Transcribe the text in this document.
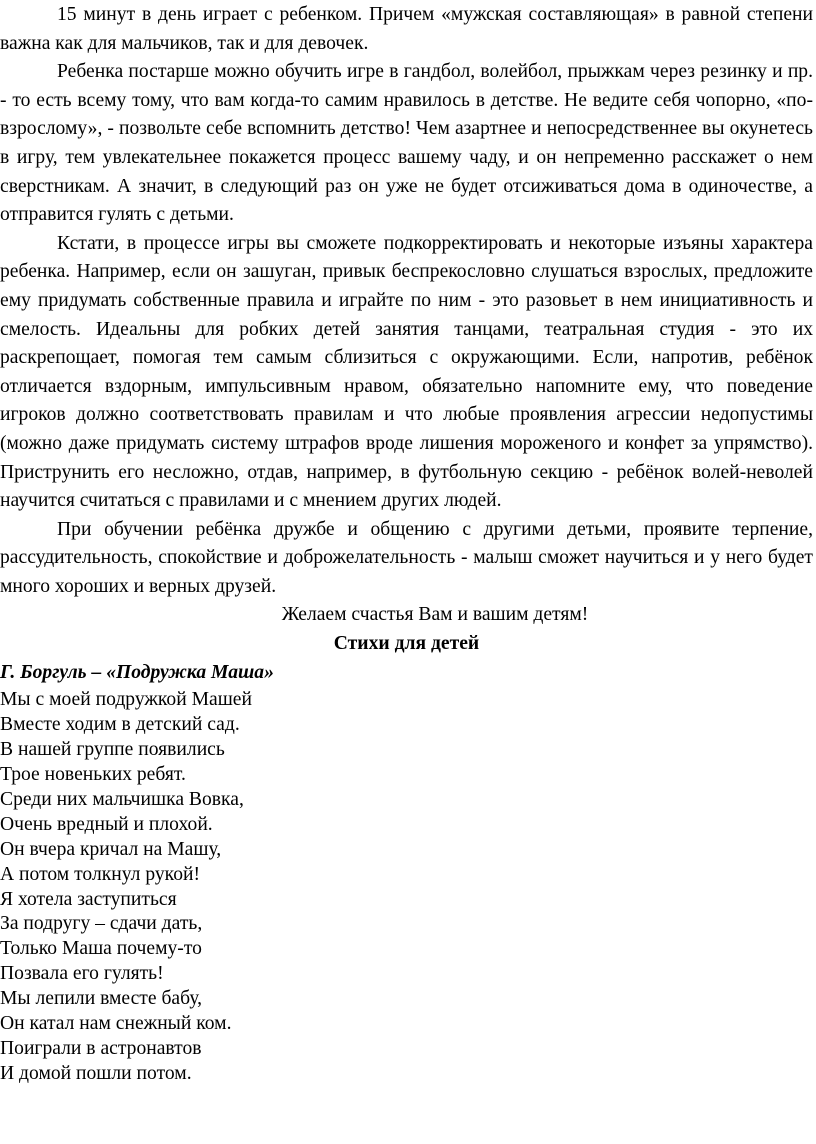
15 минут в день играет с ребенком. Причем «мужская составляющая» в равной степени важна как для мальчиков, так и для девочек.

Ребенка постарше можно обучить игре в гандбол, волейбол, прыжкам через резинку и пр. - то есть всему тому, что вам когда-то самим нравилось в детстве. Не ведите себя чопорно, «по-взрослому», - позвольте себе вспомнить детство! Чем азартнее и непосредственнее вы окунетесь в игру, тем увлекательнее покажется процесс вашему чаду, и он непременно расскажет о нем сверстникам. А значит, в следующий раз он уже не будет отсиживаться дома в одиночестве, а отправится гулять с детьми.

Кстати, в процессе игры вы сможете подкорректировать и некоторые изъяны характера ребенка. Например, если он зашуган, привык беспрекословно слушаться взрослых, предложите ему придумать собственные правила и играйте по ним - это разовьет в нем инициативность и смелость. Идеальны для робких детей занятия танцами, театральная студия - это их раскрепощает, помогая тем самым сблизиться с окружающими. Если, напротив, ребёнок отличается вздорным, импульсивным нравом, обязательно напомните ему, что поведение игроков должно соответствовать правилам и что любые проявления агрессии недопустимы (можно даже придумать систему штрафов вроде лишения мороженого и конфет за упрямство). Приструнить его несложно, отдав, например, в футбольную секцию - ребёнок волей-неволей научится считаться с правилами и с мнением других людей.

При обучении ребёнка дружбе и общению с другими детьми, проявите терпение, рассудительность, спокойствие и доброжелательность - малыш сможет научиться и у него будет много хороших и верных друзей.

Желаем счастья Вам и вашим детям!

Стихи для детей

Г. Боргуль – «Подружка Маша»

Мы с моей подружкой Машей
Вместе ходим в детский сад.
В нашей группе появились
Трое новеньких ребят.
Среди них мальчишка Вовка,
Очень вредный и плохой.
Он вчера кричал на Машу,
А потом толкнул рукой!
Я хотела заступиться
За подругу – сдачи дать,
Только Маша почему-то
Позвала его гулять!
Мы лепили вместе бабу,
Он катал нам снежный ком.
Поиграли в астронавтов
И домой пошли потом.
